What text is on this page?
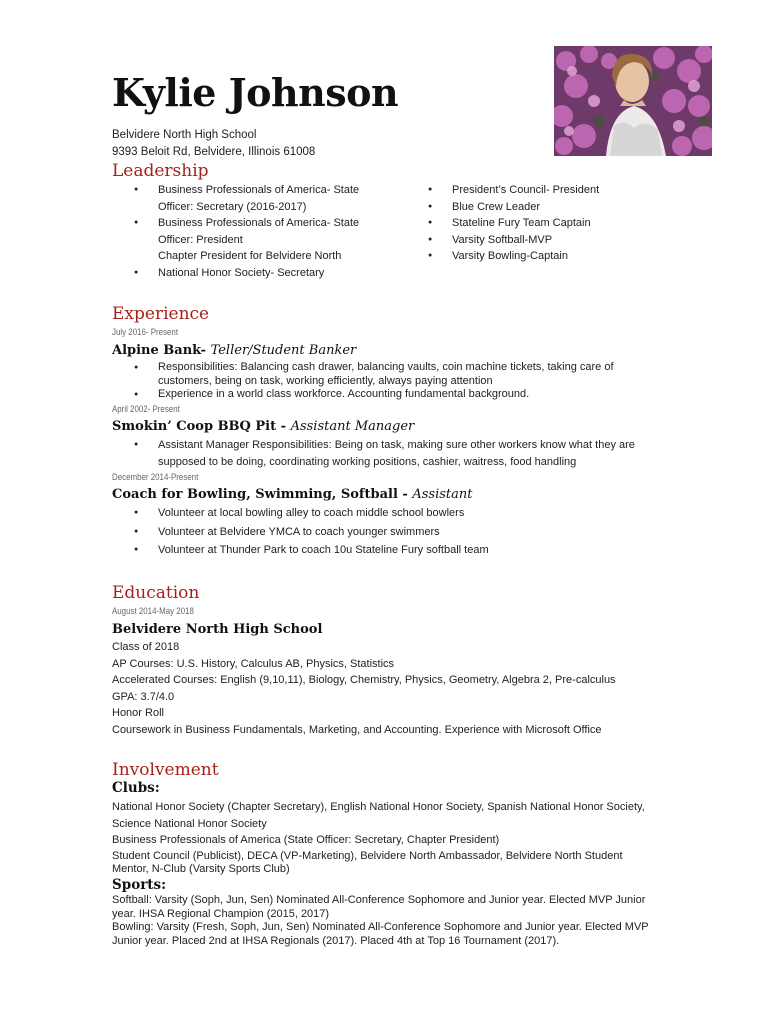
Kylie Johnson
Belvidere North High School
9393 Beloit Rd, Belvidere, Illinois 61008
Leadership
● Business Professionals of America- State Officer: Secretary (2016-2017)
● Business Professionals of America- State Officer: President
Chapter President for Belvidere North
● National Honor Society- Secretary
● President’s Council- President
● Blue Crew Leader
● Stateline Fury Team Captain
● Varsity Softball-MVP
● Varsity Bowling-Captain
Experience
July 2016- Present
Alpine Bank- Teller/Student Banker
● Responsibilities: Balancing cash drawer, balancing vaults, coin machine tickets, taking care of customers, being on task, working efficiently, always paying attention
● Experience in a world class workforce. Accounting fundamental background.
April 2002- Present
Smokin’ Coop BBQ Pit - Assistant Manager
● Assistant Manager Responsibilities: Being on task, making sure other workers know what they are supposed to be doing, coordinating working positions, cashier, waitress, food handling
December 2014-Present
Coach for Bowling, Swimming, Softball - Assistant
● Volunteer at local bowling alley to coach middle school bowlers
● Volunteer at Belvidere YMCA to coach younger swimmers
● Volunteer at Thunder Park to coach 10u Stateline Fury softball team
Education
August 2014-May 2018
Belvidere North High School
Class of 2018
AP Courses: U.S. History, Calculus AB, Physics, Statistics
Accelerated Courses: English (9,10,11), Biology, Chemistry, Physics, Geometry, Algebra 2, Pre-calculus
GPA: 3.7/4.0
Honor Roll
Coursework in Business Fundamentals, Marketing, and Accounting. Experience with Microsoft Office
Involvement
Clubs:
National Honor Society (Chapter Secretary), English National Honor Society, Spanish National Honor Society, Science National Honor Society
Business Professionals of America (State Officer: Secretary, Chapter President)
Student Council (Publicist), DECA (VP-Marketing), Belvidere North Ambassador, Belvidere North Student Mentor, N-Club (Varsity Sports Club)
Sports:
Softball: Varsity (Soph, Jun, Sen) Nominated All-Conference Sophomore and Junior year. Elected MVP Junior year. IHSA Regional Champion (2015, 2017)
Bowling: Varsity (Fresh, Soph, Jun, Sen) Nominated All-Conference Sophomore and Junior year. Elected MVP Junior year. Placed 2nd at IHSA Regionals (2017). Placed 4th at Top 16 Tournament (2017).
